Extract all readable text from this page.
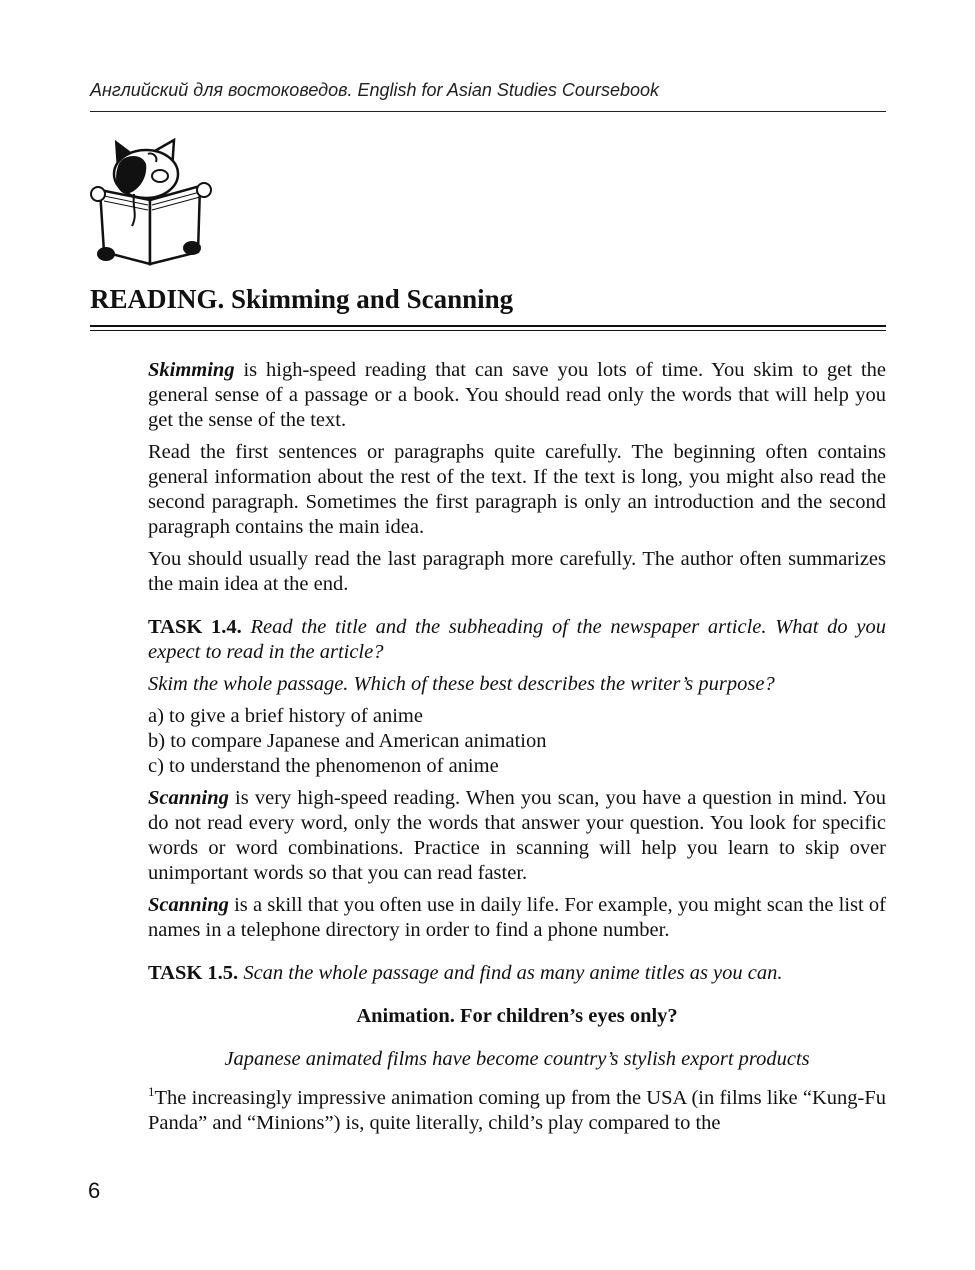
Английский для востоковедов. English for Asian Studies Coursebook
READING. Skimming and Scanning

Skimming is high-speed reading that can save you lots of time. You skim to get the general sense of a passage or a book. You should read only the words that will help you get the sense of the text.

Read the first sentences or paragraphs quite carefully. The beginning often contains general information about the rest of the text. If the text is long, you might also read the second paragraph. Sometimes the first paragraph is only an introduction and the second paragraph contains the main idea.

You should usually read the last paragraph more carefully. The author often summarizes the main idea at the end.

TASK 1.4. Read the title and the subheading of the newspaper article. What do you expect to read in the article?

Skim the whole passage. Which of these best describes the writer’s purpose?

a) to give a brief history of anime
b) to compare Japanese and American animation
c) to understand the phenomenon of anime

Scanning is very high-speed reading. When you scan, you have a question in mind. You do not read every word, only the words that answer your question. You look for specific words or word combinations. Practice in scanning will help you learn to skip over unimportant words so that you can read faster.

Scanning is a skill that you often use in daily life. For example, you might scan the list of names in a telephone directory in order to find a phone number.

TASK 1.5. Scan the whole passage and find as many anime titles as you can.

Animation. For children’s eyes only?

Japanese animated films have become country’s stylish export products

$^1$The increasingly impressive animation coming up from the USA (in films like “Kung-Fu Panda” and “Minions”) is, quite literally, child’s play compared to the

6
